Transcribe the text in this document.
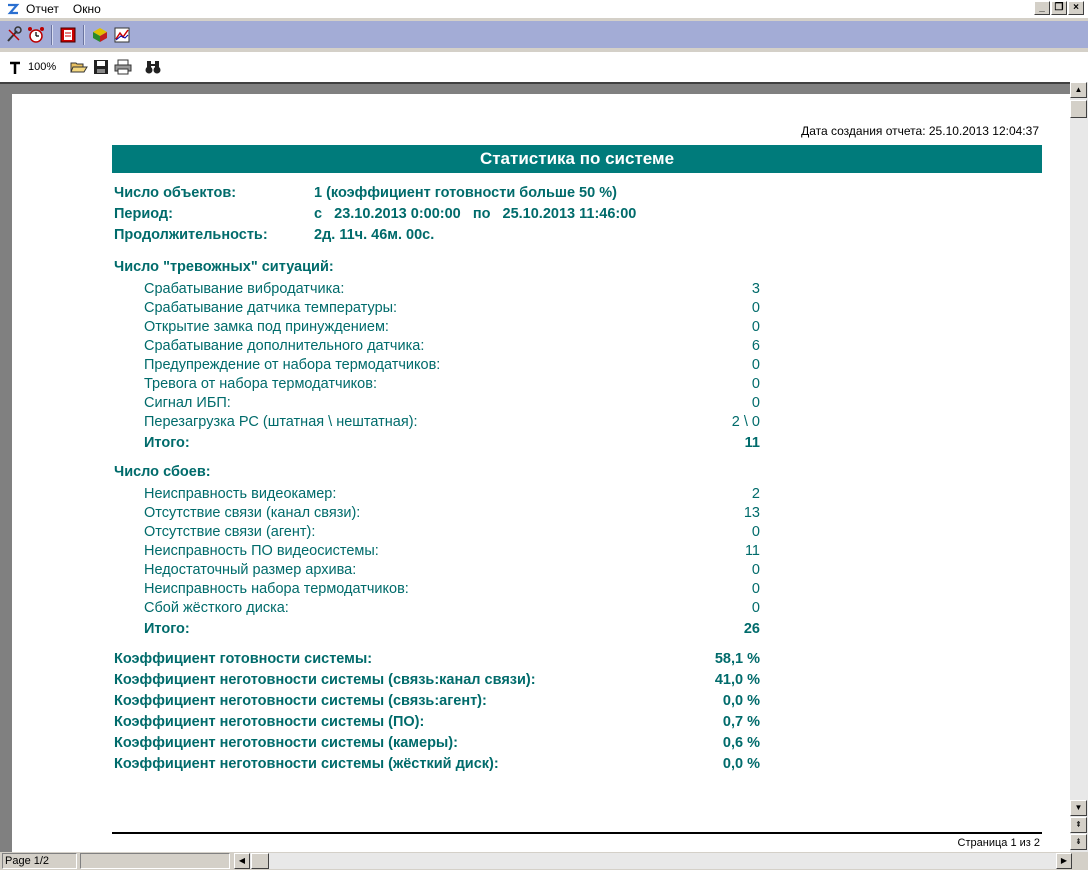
Отчет Окно	_ ❐ ×
100%
Дата создания отчета: 25.10.2013 12:04:37
Статистика по системе
Число объектов:	1 (коэффициент готовности больше 50 %)
Период:	с   23.10.2013 0:00:00   по   25.10.2013 11:46:00
Продолжительность:	2д. 11ч. 46м. 00с.
Число "тревожных" ситуаций:
Срабатывание вибродатчика:	3
Срабатывание датчика температуры:	0
Открытие замка под принуждением:	0
Срабатывание дополнительного датчика:	6
Предупреждение от набора термодатчиков:	0
Тревога от набора термодатчиков:	0
Сигнал ИБП:	0
Перезагрузка РС (штатная \ нештатная):	2 \ 0
Итого:	11
Число сбоев:
Неисправность видеокамер:	2
Отсутствие связи (канал связи):	13
Отсутствие связи (агент):	0
Неисправность ПО видеосистемы:	11
Недостаточный размер архива:	0
Неисправность набора термодатчиков:	0
Сбой жёсткого диска:	0
Итого:	26
Коэффициент готовности системы:	58,1 %
Коэффициент неготовности системы (связь:канал связи):	41,0 %
Коэффициент неготовности системы (связь:агент):	0,0 %
Коэффициент неготовности системы (ПО):	0,7 %
Коэффициент неготовности системы (камеры):	0,6 %
Коэффициент неготовности системы (жёсткий диск):	0,0 %
Страница 1 из 2
▲
▼
⇞
⇟
Page 1/2	◀	▶
